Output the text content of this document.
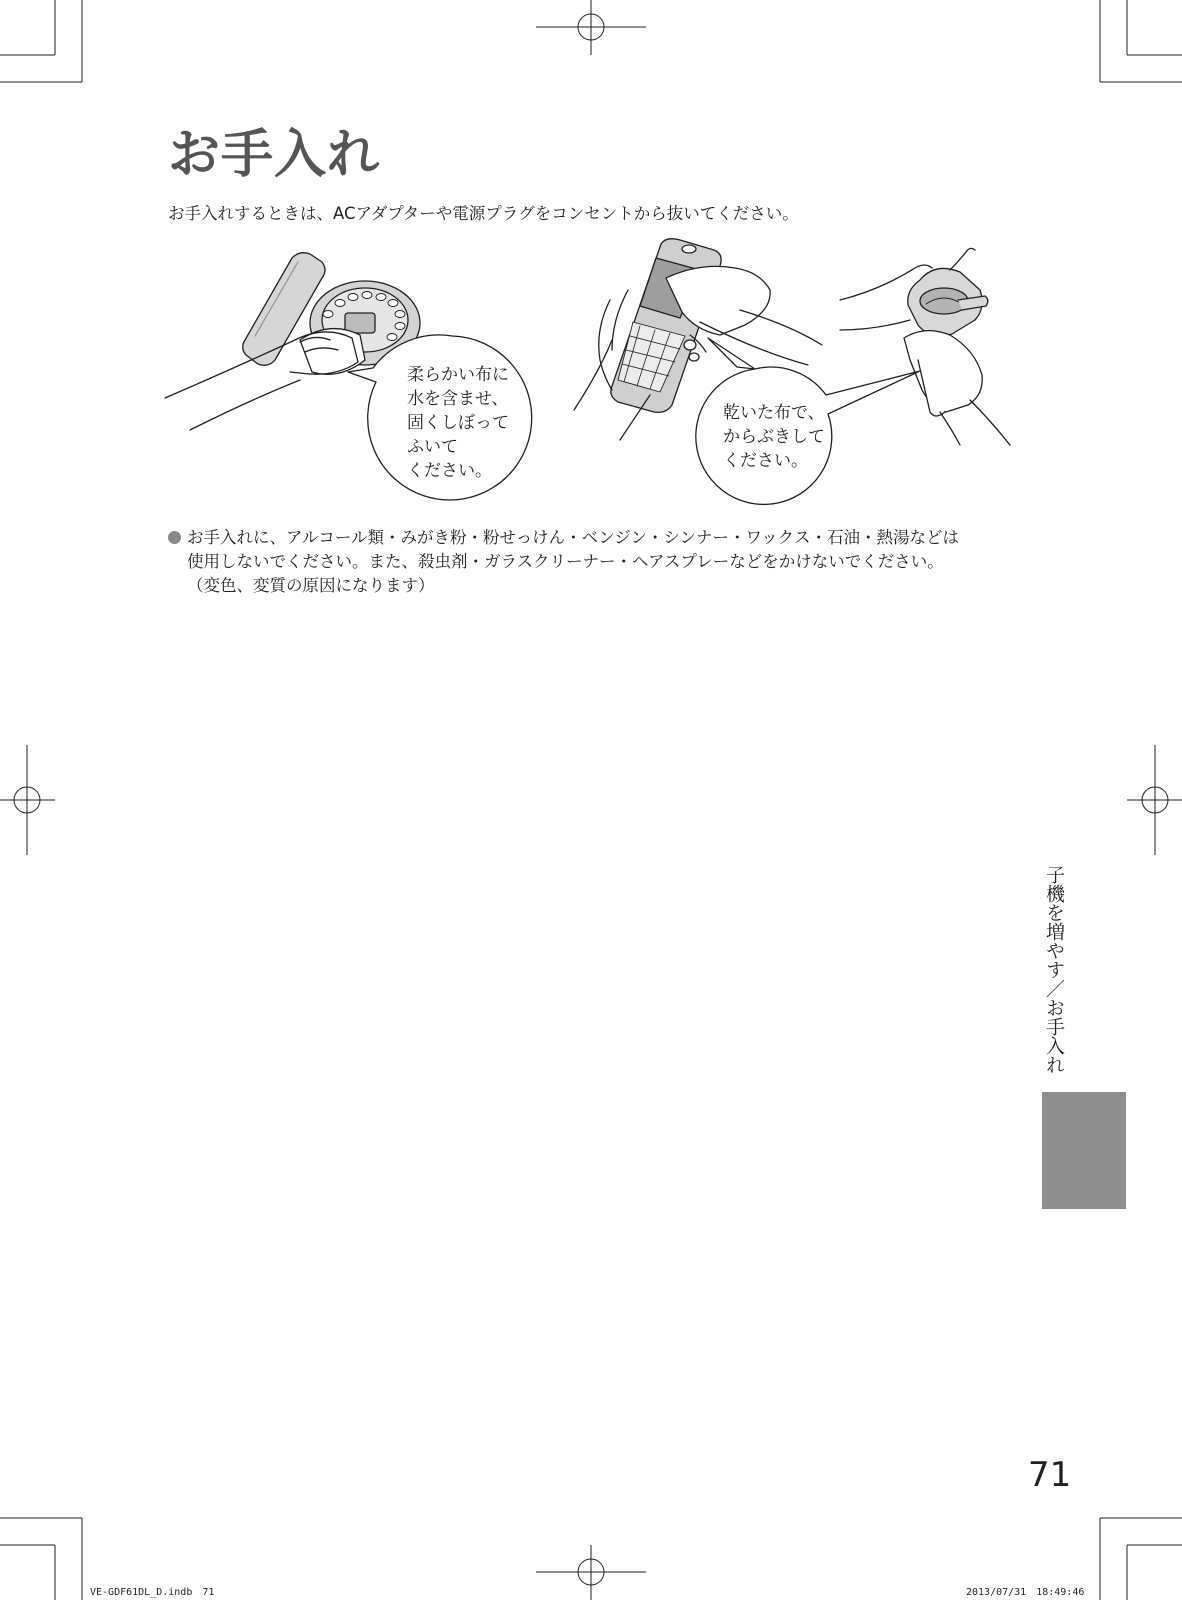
お手入れ
お手入れするときは、ACアダプターや電源プラグをコンセントから抜いてください。
柔らかい布に
水を含ませ、
固くしぼって
ふいて
ください。
乾いた布で、
からぶきして
ください。
お手入れに、アルコール類・みがき粉・粉せっけん・ベンジン・シンナー・ワックス・石油・熱湯などは
使用しないでください。また、殺虫剤・ガラスクリーナー・ヘアスプレーなどをかけないでください。
（変色、変質の原因になります）
子機を増やす／お手入れ
71
VE-GDF61DL_D.indb　71	2013/07/31　18:49:46
